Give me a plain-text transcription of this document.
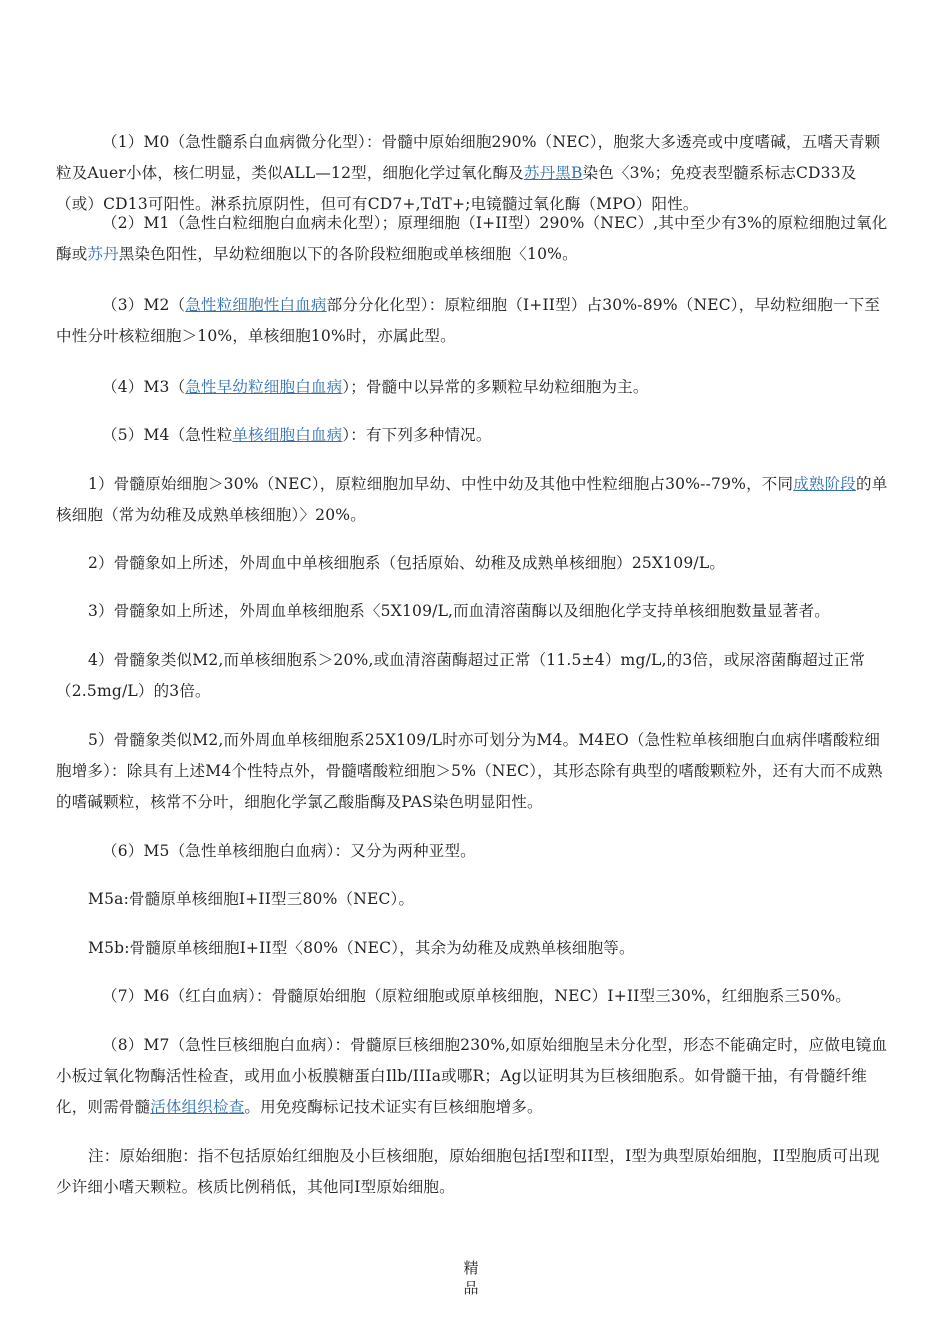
（1）M0（急性髓系白血病微分化型）：骨髓中原始细胞290%（NEC），胞浆大多透亮或中度嗜碱，五嗜天青颗粒及Auer小体，核仁明显，类似ALL—12型，细胞化学过氧化酶及苏丹黑B染色〈3%；免疫表型髓系标志CD33及（或）CD13可阳性。淋系抗原阴性，但可有CD7+,TdT+;电镜髓过氧化酶（MPO）阳性。

（2）M1（急性白粒细胞白血病未化型）；原理细胞（I+II型）290%（NEC）,其中至少有3%的原粒细胞过氧化酶或苏丹黑染色阳性，早幼粒细胞以下的各阶段粒细胞或单核细胞〈10%。

（3）M2（急性粒细胞性白血病部分分化化型）：原粒细胞（I+II型）占30%-89%（NEC），早幼粒细胞一下至中性分叶核粒细胞＞10%，单核细胞10%时，亦属此型。

（4）M3（急性早幼粒细胞白血病）；骨髓中以异常的多颗粒早幼粒细胞为主。

（5）M4（急性粒单核细胞白血病）：有下列多种情况。

1）骨髓原始细胞＞30%（NEC），原粒细胞加早幼、中性中幼及其他中性粒细胞占30%--79%，不同成熟阶段的单核细胞（常为幼稚及成熟单核细胞）〉20%。

2）骨髓象如上所述，外周血中单核细胞系（包括原始、幼稚及成熟单核细胞）25X109/L。

3）骨髓象如上所述，外周血单核细胞系〈5X109/L,而血清溶菌酶以及细胞化学支持单核细胞数量显著者。

4）骨髓象类似M2,而单核细胞系＞20%,或血清溶菌酶超过正常（11.5±4）mg/L,的3倍，或尿溶菌酶超过正常（2.5mg/L）的3倍。

5）骨髓象类似M2,而外周血单核细胞系25X109/L时亦可划分为M4。M4EO（急性粒单核细胞白血病伴嗜酸粒细胞增多）：除具有上述M4个性特点外，骨髓嗜酸粒细胞＞5%（NEC），其形态除有典型的嗜酸颗粒外，还有大而不成熟的嗜碱颗粒，核常不分叶，细胞化学氯乙酸脂酶及PAS染色明显阳性。

（6）M5（急性单核细胞白血病）：又分为两种亚型。

M5a:骨髓原单核细胞I+II型三80%（NEC）。

M5b:骨髓原单核细胞I+II型〈80%（NEC），其余为幼稚及成熟单核细胞等。

（7）M6（红白血病）：骨髓原始细胞（原粒细胞或原单核细胞，NEC）I+II型三30%，红细胞系三50%。

（8）M7（急性巨核细胞白血病）：骨髓原巨核细胞230%,如原始细胞呈未分化型，形态不能确定时，应做电镜血小板过氧化物酶活性检查，或用血小板膜糖蛋白Ilb/IIIa或哪R；Ag以证明其为巨核细胞系。如骨髓干抽，有骨髓纤维化，则需骨髓活体组织检查。用免疫酶标记技术证实有巨核细胞增多。

注：原始细胞：指不包括原始红细胞及小巨核细胞，原始细胞包括I型和II型，I型为典型原始细胞，II型胞质可出现少许细小嗜天颗粒。核质比例稍低，其他同I型原始细胞。

精
品
